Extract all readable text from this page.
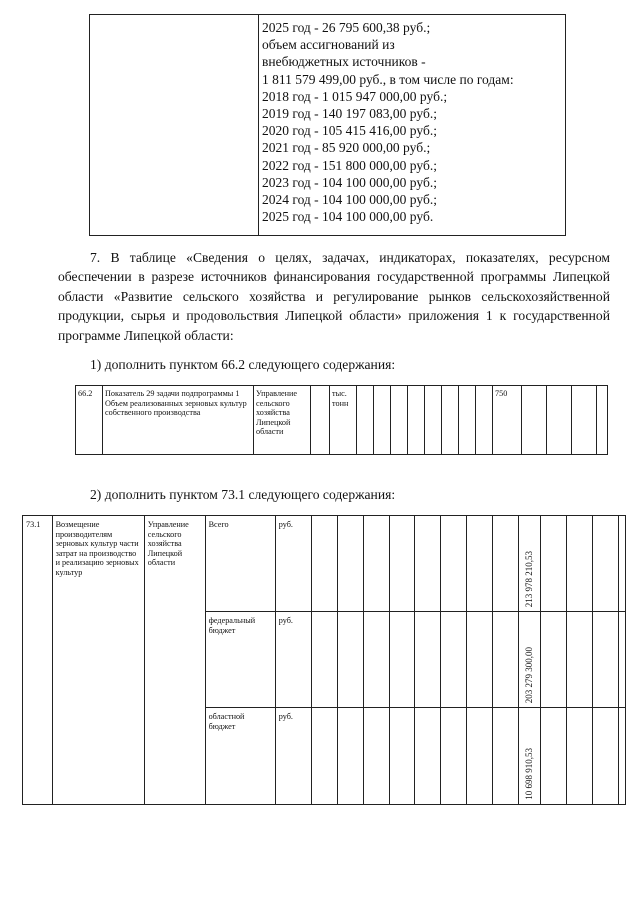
2025 год - 26 795 600,38 руб.;
объем ассигнований из
внебюджетных источников -
1 811 579 499,00 руб., в том числе по годам:
2018 год - 1 015 947 000,00 руб.;
2019 год - 140 197 083,00 руб.;
2020 год - 105 415 416,00 руб.;
2021 год - 85 920 000,00 руб.;
2022 год - 151 800 000,00 руб.;
2023 год - 104 100 000,00 руб.;
2024 год - 104 100 000,00 руб.;
2025 год - 104 100 000,00 руб.
7. В таблице «Сведения о целях, задачах, индикаторах, показателях, ресурсном обеспечении в разрезе источников финансирования государственной программы Липецкой области «Развитие сельского хозяйства и регулирование рынков сельскохозяйственной продукции, сырья и продовольствия Липецкой области» приложения 1 к государственной программе Липецкой области:
1) дополнить пунктом 66.2 следующего содержания:
66.2	Показатель 29 задачи подпрограммы 1 Объем реализованных зерновых культур собственного производства	Управление сельского хозяйства Липецкой области		тыс. тонн									750				
2) дополнить пунктом 73.1 следующего содержания:
73.1	Возмещение производителям зерновых культур части затрат на производство и реализацию зерновых культур	Управление сельского хозяйства Липецкой области	Всего	руб.									213 978 210,53				

			федеральный бюджет	руб.									203 279 300,00				

			областной бюджет	руб.									10 698 910,53				
